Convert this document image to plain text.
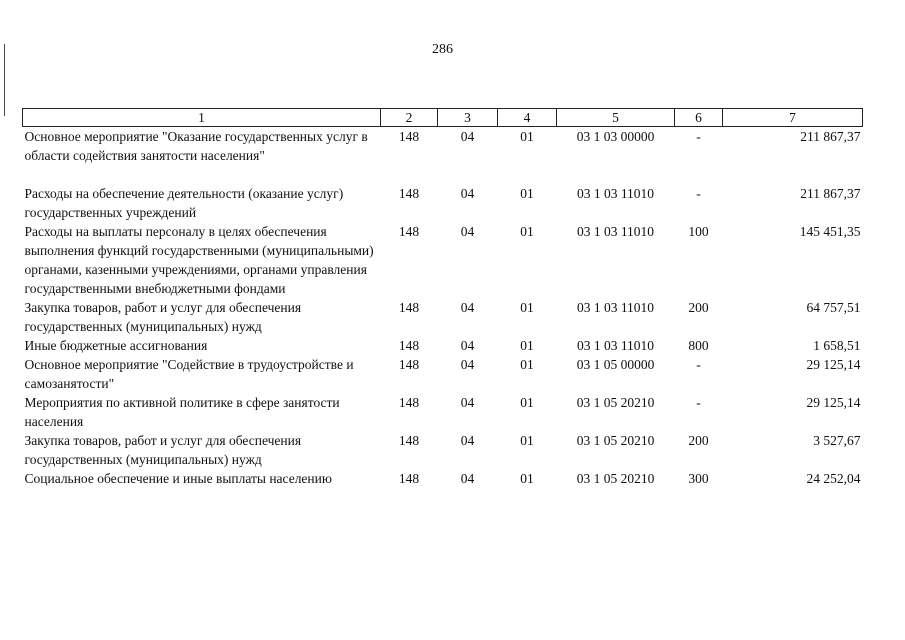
286
1	2	3	4	5	6	7
Основное мероприятие "Оказание государственных услуг в области содействия занятости населения"	148	04	01	03 1 03 00000	-	211 867,37
Расходы на обеспечение деятельности (оказание услуг) государственных учреждений	148	04	01	03 1 03 11010	-	211 867,37
Расходы на выплаты персоналу в целях обеспечения выполнения функций государственными (муниципальными) органами, казенными учреждениями, органами управления государственными внебюджетными фондами	148	04	01	03 1 03 11010	100	145 451,35
Закупка товаров, работ и услуг для обеспечения государственных (муниципальных) нужд	148	04	01	03 1 03 11010	200	64 757,51
Иные бюджетные ассигнования	148	04	01	03 1 03 11010	800	1 658,51
Основное мероприятие "Содействие в трудоустройстве и самозанятости"	148	04	01	03 1 05 00000	-	29 125,14
Мероприятия по активной политике в сфере занятости населения	148	04	01	03 1 05 20210	-	29 125,14
Закупка товаров, работ и услуг для обеспечения государственных (муниципальных) нужд	148	04	01	03 1 05 20210	200	3 527,67
Социальное обеспечение и иные выплаты населению	148	04	01	03 1 05 20210	300	24 252,04
